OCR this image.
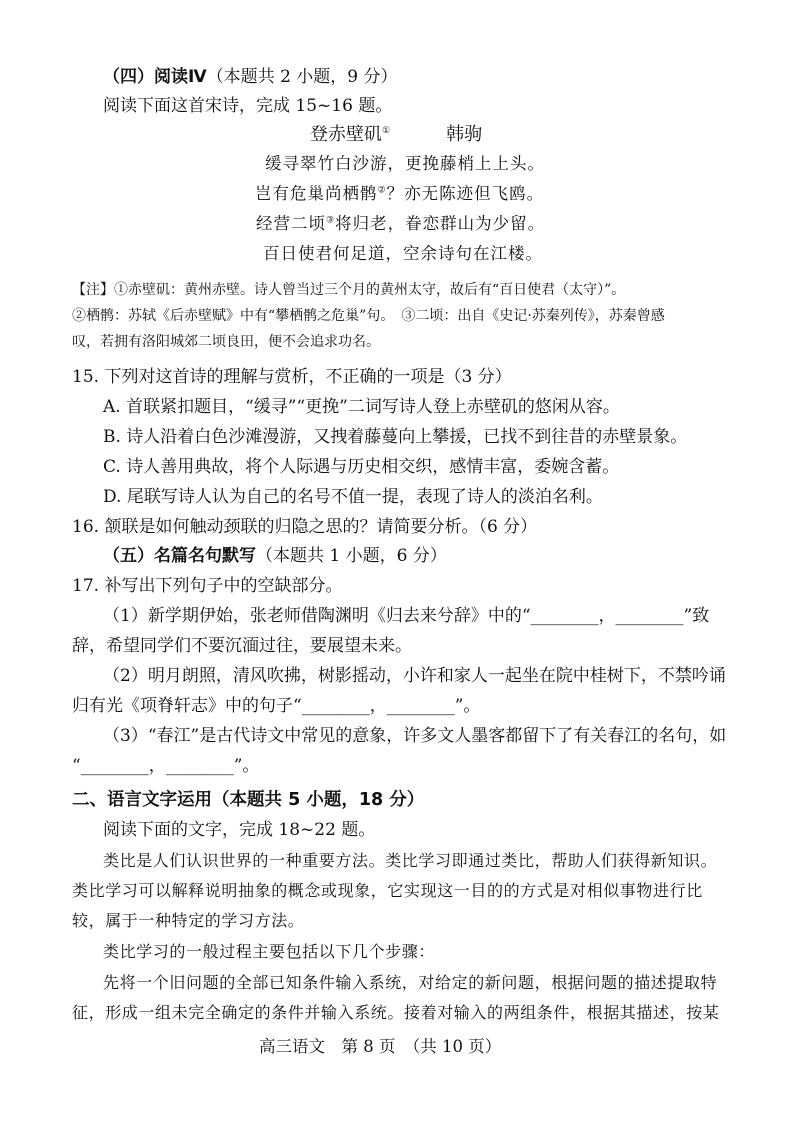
（四）阅读Ⅳ（本题共 2 小题，9 分）
阅读下面这首宋诗，完成 15~16 题。
登赤壁矶①	韩驹
缓寻翠竹白沙游，更挽藤梢上上头。
岂有危巢尚栖鹘②？亦无陈迹但飞鸥。
经营二顷③将归老，眷恋群山为少留。
百日使君何足道，空余诗句在江楼。
【注】①赤壁矶：黄州赤壁。诗人曾当过三个月的黄州太守，故后有“百日使君（太守）”。
②栖鹘：苏轼《后赤壁赋》中有“攀栖鹘之危巢”句。　③二顷：出自《史记·苏秦列传》，苏秦曾感
叹，若拥有洛阳城郊二顷良田，便不会追求功名。
15. 下列对这首诗的理解与赏析，不正确的一项是（3 分）
A. 首联紧扣题目，“缓寻”“更挽”二词写诗人登上赤壁矶的悠闲从容。
B. 诗人沿着白色沙滩漫游，又拽着藤蔓向上攀援，已找不到往昔的赤壁景象。
C. 诗人善用典故，将个人际遇与历史相交织，感情丰富，委婉含蓄。
D. 尾联写诗人认为自己的名号不值一提，表现了诗人的淡泊名利。
16. 颔联是如何触动颈联的归隐之思的？请简要分析。（6 分）
（五）名篇名句默写（本题共 1 小题，6 分）
17. 补写出下列句子中的空缺部分。
（1）新学期伊始，张老师借陶渊明《归去来兮辞》中的“________，________”致
辞，希望同学们不要沉湎过往，要展望未来。
（2）明月朗照，清风吹拂，树影摇动，小许和家人一起坐在院中桂树下，不禁吟诵
归有光《项脊轩志》中的句子“________，________”。
（3）“春江”是古代诗文中常见的意象，许多文人墨客都留下了有关春江的名句，如
“________，________”。
二、语言文字运用（本题共 5 小题，18 分）
阅读下面的文字，完成 18~22 题。
类比是人们认识世界的一种重要方法。类比学习即通过类比，帮助人们获得新知识。
类比学习可以解释说明抽象的概念或现象，它实现这一目的的方式是对相似事物进行比
较，属于一种特定的学习方法。
类比学习的一般过程主要包括以下几个步骤：
先将一个旧问题的全部已知条件输入系统，对给定的新问题，根据问题的描述提取特
征，形成一组未完全确定的条件并输入系统。接着对输入的两组条件，根据其描述，按某
高三语文　第 8 页　（共 10 页）
